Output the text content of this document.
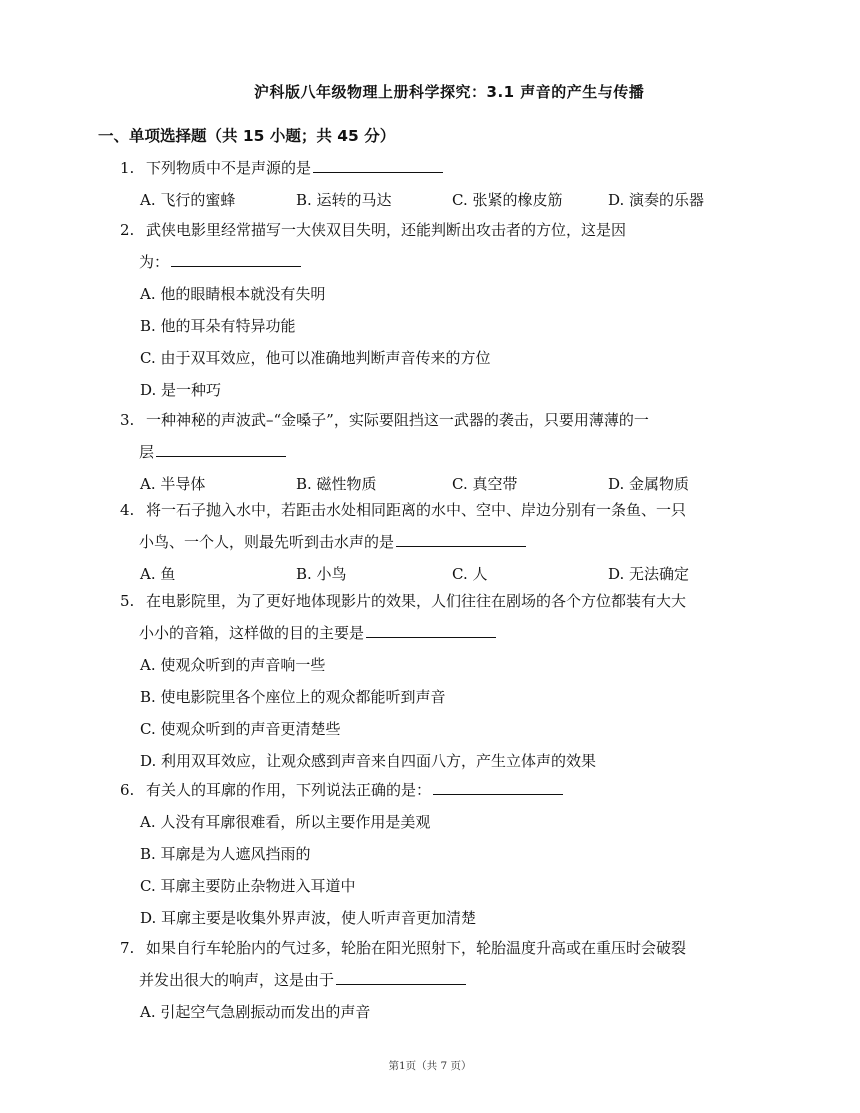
沪科版八年级物理上册科学探究：3.1 声音的产生与传播
一、单项选择题（共 15 小题；共 45 分）
1. 下列物质中不是声源的是
A. 飞行的蜜蜂	B. 运转的马达	C. 张紧的橡皮筋	D. 演奏的乐器
2. 武侠电影里经常描写一大侠双目失明，还能判断出攻击者的方位，这是因
为：
A. 他的眼睛根本就没有失明
B. 他的耳朵有特异功能
C. 由于双耳效应，他可以准确地判断声音传来的方位
D. 是一种巧
3. 一种神秘的声波武–“金嗓子”，实际要阻挡这一武器的袭击，只要用薄薄的一
层
A. 半导体	B. 磁性物质	C. 真空带	D. 金属物质
4. 将一石子抛入水中，若距击水处相同距离的水中、空中、岸边分别有一条鱼、一只
小鸟、一个人，则最先听到击水声的是
A. 鱼	B. 小鸟	C. 人	D. 无法确定
5. 在电影院里，为了更好地体现影片的效果，人们往往在剧场的各个方位都装有大大
小小的音箱，这样做的目的主要是
A. 使观众听到的声音响一些
B. 使电影院里各个座位上的观众都能听到声音
C. 使观众听到的声音更清楚些
D. 利用双耳效应，让观众感到声音来自四面八方，产生立体声的效果
6. 有关人的耳廓的作用，下列说法正确的是：
A. 人没有耳廓很难看，所以主要作用是美观
B. 耳廓是为人遮风挡雨的
C. 耳廓主要防止杂物进入耳道中
D. 耳廓主要是收集外界声波，使人听声音更加清楚
7. 如果自行车轮胎内的气过多，轮胎在阳光照射下，轮胎温度升高或在重压时会破裂
并发出很大的响声，这是由于
A. 引起空气急剧振动而发出的声音
第1页（共 7 页）
